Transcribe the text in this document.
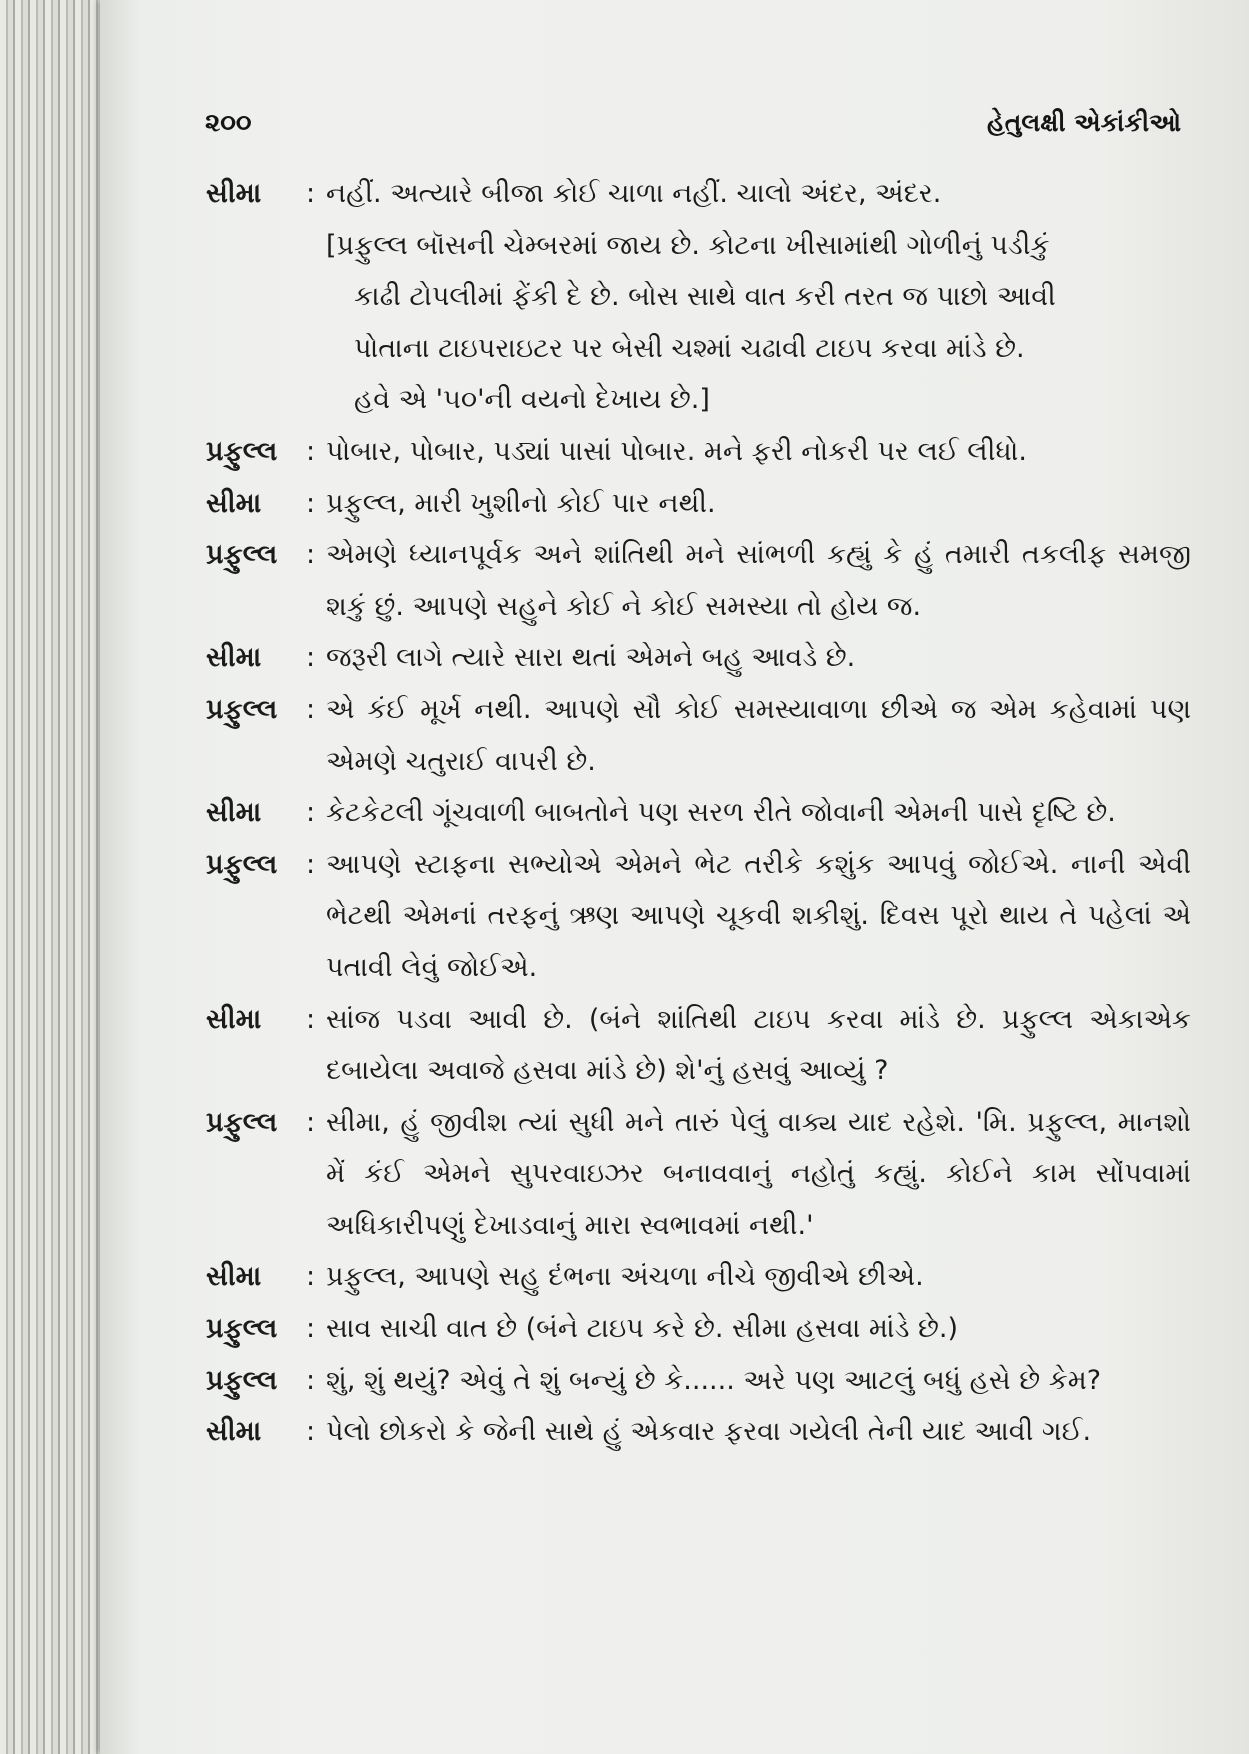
૨૦૦	હેતુલક્ષી એકાંકીઓ
સીમા	: નહીં. અત્યારે બીજા કોઈ ચાળા નહીં. ચાલો અંદર, અંદર.
[પ્રફુલ્લ બૉસની ચેમ્બરમાં જાય છે. કોટના ખીસામાંથી ગોળીનું પડીકું
કાઢી ટોપલીમાં ફેંકી દે છે. બોસ સાથે વાત કરી તરત જ પાછો આવી
પોતાના ટાઇપરાઇટર પર બેસી ચશ્માં ચઢાવી ટાઇપ કરવા માંડે છે.
હવે એ '૫૦'ની વયનો દેખાય છે.]
પ્રફુલ્લ	: પોબાર, પોબાર, પડ્યાં પાસાં પોબાર. મને ફરી નોકરી પર લઈ લીધો.
સીમા	: પ્રફુલ્લ, મારી ખુશીનો કોઈ પાર નથી.
પ્રફુલ્લ	: એમણે ધ્યાનપૂર્વક અને શાંતિથી મને સાંભળી કહ્યું કે હું તમારી તકલીફ સમજી શકું છું. આપણે સહુને કોઈ ને કોઈ સમસ્યા તો હોય જ.
સીમા	: જરૂરી લાગે ત્યારે સારા થતાં એમને બહુ આવડે છે.
પ્રફુલ્લ	: એ કંઈ મૂર્ખ નથી. આપણે સૌ કોઈ સમસ્યાવાળા છીએ જ એમ કહેવામાં પણ એમણે ચતુરાઈ વાપરી છે.
સીમા	: કેટકેટલી ગૂંચવાળી બાબતોને પણ સરળ રીતે જોવાની એમની પાસે દૃષ્ટિ છે.
પ્રફુલ્લ	: આપણે સ્ટાફના સભ્યોએ એમને ભેટ તરીકે કશુંક આપવું જોઈએ. નાની એવી ભેટથી એમનાં તરફનું ઋણ આપણે ચૂકવી શકીશું. દિવસ પૂરો થાય તે પહેલાં એ પતાવી લેવું જોઈએ.
સીમા	: સાંજ પડવા આવી છે. (બંને શાંતિથી ટાઇપ કરવા માંડે છે. પ્રફુલ્લ એકાએક દબાયેલા અવાજે હસવા માંડે છે) શે'નું હસવું આવ્યું ?
પ્રફુલ્લ	: સીમા, હું જીવીશ ત્યાં સુધી મને તારું પેલું વાક્ય યાદ રહેશે. 'મિ. પ્રફુલ્લ, માનશો મેં કંઈ એમને સુપરવાઇઝર બનાવવાનું નહોતું કહ્યું. કોઈને કામ સોંપવામાં અધિકારીપણું દેખાડવાનું મારા સ્વભાવમાં નથી.'
સીમા	: પ્રફુલ્લ, આપણે સહુ દંભના અંચળા નીચે જીવીએ છીએ.
પ્રફુલ્લ	: સાવ સાચી વાત છે (બંને ટાઇપ કરે છે. સીમા હસવા માંડે છે.)
પ્રફુલ્લ	: શું, શું થયું? એવું તે શું બન્યું છે કે...... અરે પણ આટલું બધું હસે છે કેમ?
સીમા	: પેલો છોકરો કે જેની સાથે હું એકવાર ફરવા ગયેલી તેની યાદ આવી ગઈ.
